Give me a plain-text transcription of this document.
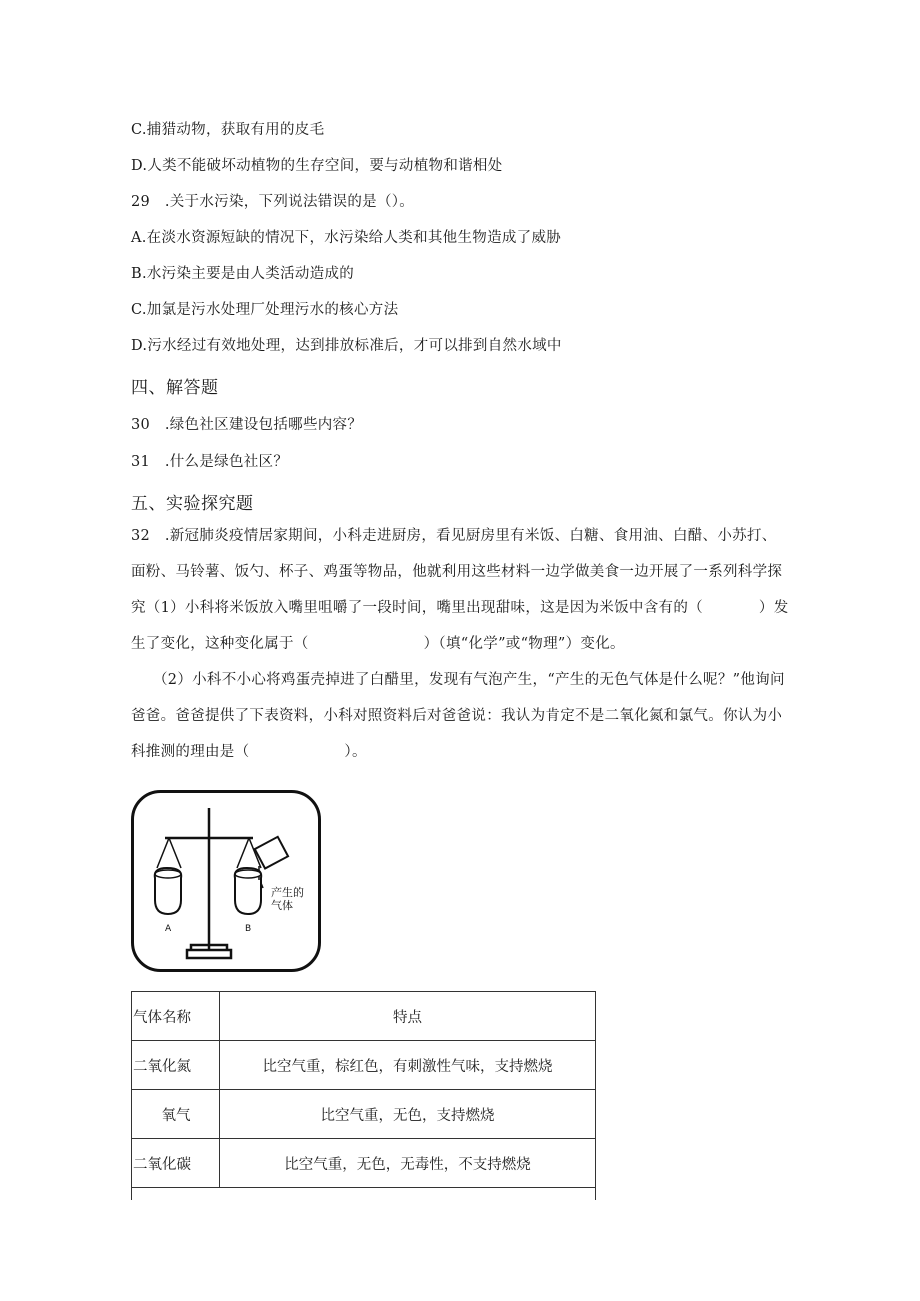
C.捕猎动物，获取有用的皮毛
D.人类不能破坏动植物的生存空间，要与动植物和谐相处
29　.关于水污染，下列说法错误的是（）。
A.在淡水资源短缺的情况下，水污染给人类和其他生物造成了威胁
B.水污染主要是由人类活动造成的
C.加氯是污水处理厂处理污水的核心方法
D.污水经过有效地处理，达到排放标准后，才可以排到自然水域中
四、解答题
30　.绿色社区建设包括哪些内容？
31　.什么是绿色社区？
五、实验探究题

32　.新冠肺炎疫情居家期间，小科走进厨房，看见厨房里有米饭、白糖、食用油、白醋、小苏打、面粉、马铃薯、饭勺、杯子、鸡蛋等物品，他就利用这些材料一边学做美食一边开展了一系列科学探究（1）小科将米饭放入嘴里咀嚼了一段时间，嘴里出现甜味，这是因为米饭中含有的（	）发生了变化，这种变化属于（	）（填“化学”或“物理”）变化。

（2）小科不小心将鸡蛋壳掉进了白醋里，发现有气泡产生，“产生的无色气体是什么呢？”他询问爸爸。爸爸提供了下表资料，小科对照资料后对爸爸说：我认为肯定不是二氧化氮和氯气。你认为小科推测的理由是（	）。

产生的
气体
A	B
气体名称	特点
二氧化氮	比空气重，棕红色，有刺激性气味，支持燃烧
氧气	比空气重，无色，支持燃烧
二氧化碳	比空气重，无色，无毒性，不支持燃烧
